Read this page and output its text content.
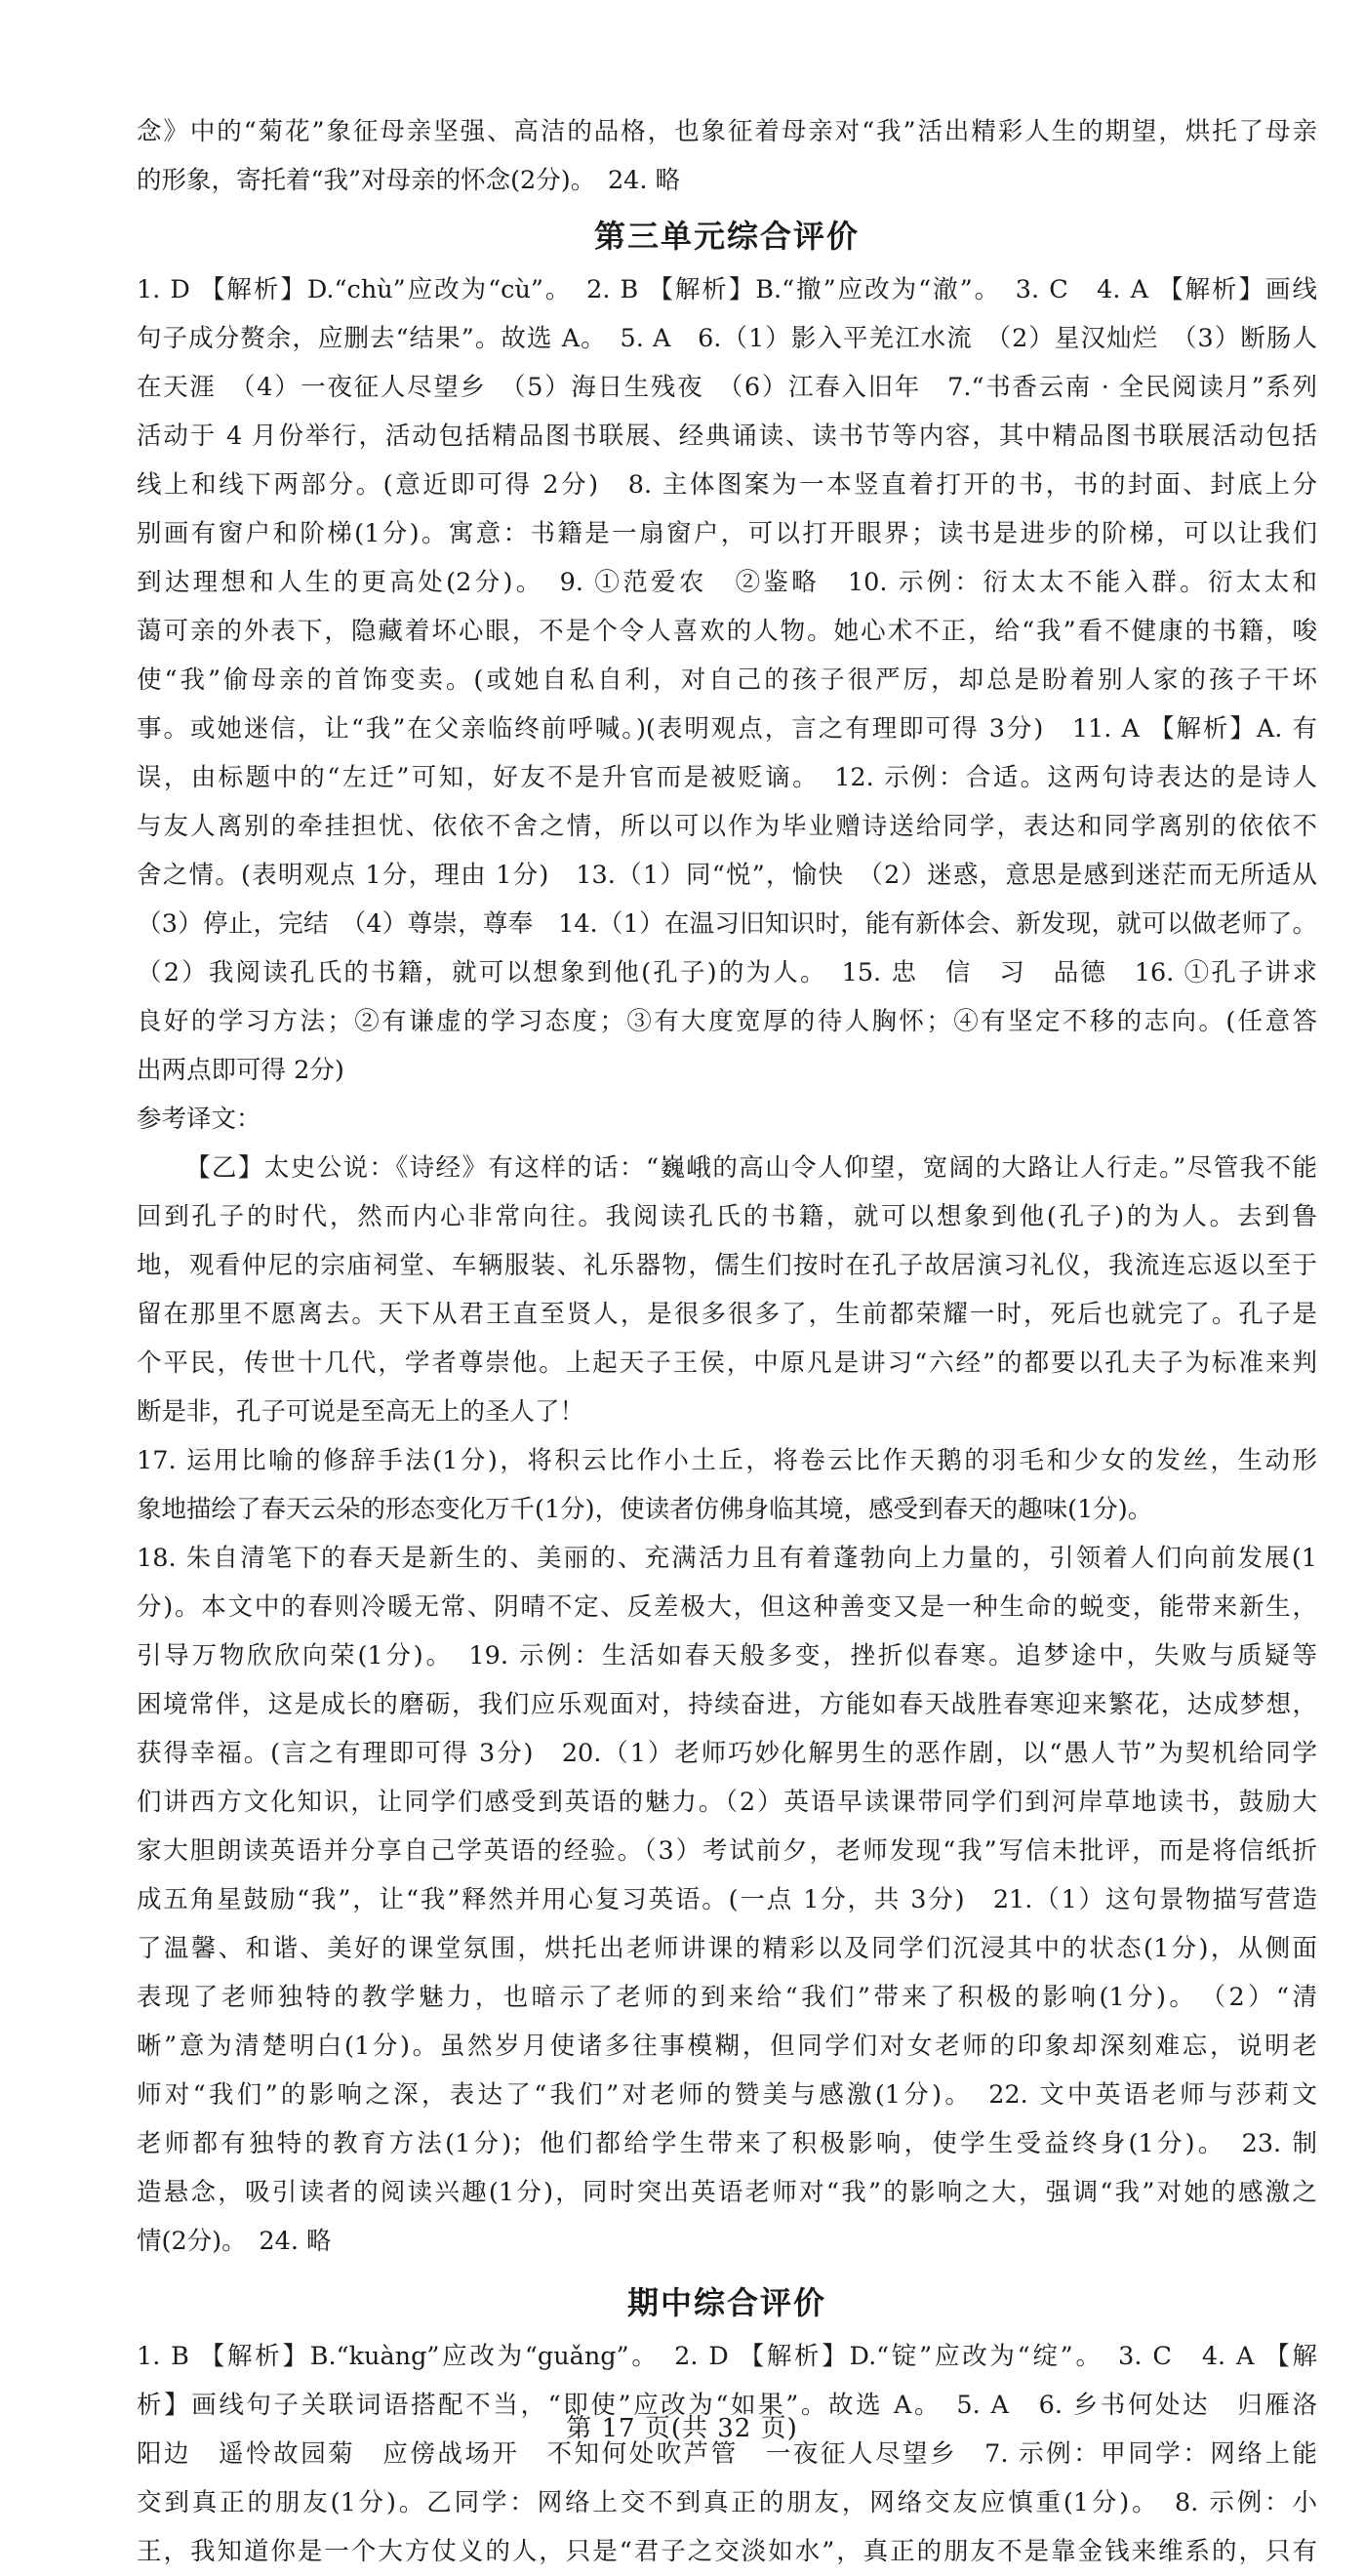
念》中的“菊花”象征母亲坚强、高洁的品格，也象征着母亲对“我”活出精彩人生的期望，烘托了母亲

的形象，寄托着“我”对母亲的怀念(2分)。　24. 略

第三单元综合评价

1. D 【解析】D.“chù”应改为“cù”。　2. B 【解析】B.“撤”应改为“澈”。　3. C　4. A 【解析】画线

句子成分赘余，应删去“结果”。故选 A。　5. A　6.（1）影入平羌江水流　（2）星汉灿烂　（3）断肠人

在天涯　（4）一夜征人尽望乡　（5）海日生残夜　（6）江春入旧年　7.“书香云南 · 全民阅读月”系列

活动于 4 月份举行，活动包括精品图书联展、经典诵读、读书节等内容，其中精品图书联展活动包括

线上和线下两部分。(意近即可得 2分)　8. 主体图案为一本竖直着打开的书，书的封面、封底上分

别画有窗户和阶梯(1分)。寓意：书籍是一扇窗户，可以打开眼界；读书是进步的阶梯，可以让我们

到达理想和人生的更高处(2分)。　9. ①范爱农　②鉴略　10. 示例：衍太太不能入群。衍太太和

蔼可亲的外表下，隐藏着坏心眼，不是个令人喜欢的人物。她心术不正，给“我”看不健康的书籍，唆

使“我”偷母亲的首饰变卖。(或她自私自利，对自己的孩子很严厉，却总是盼着别人家的孩子干坏

事。或她迷信，让“我”在父亲临终前呼喊。)(表明观点，言之有理即可得 3分)　11. A 【解析】A. 有

误，由标题中的“左迁”可知，好友不是升官而是被贬谪。　12. 示例：合适。这两句诗表达的是诗人

与友人离别的牵挂担忧、依依不舍之情，所以可以作为毕业赠诗送给同学，表达和同学离别的依依不

舍之情。(表明观点 1分，理由 1分)　13.（1）同“悦”，愉快　（2）迷惑，意思是感到迷茫而无所适从

（3）停止，完结　（4）尊崇，尊奉　14.（1）在温习旧知识时，能有新体会、新发现，就可以做老师了。

（2）我阅读孔氏的书籍，就可以想象到他(孔子)的为人。　15. 忠　信　习　品德　16. ①孔子讲求

良好的学习方法；②有谦虚的学习态度；③有大度宽厚的待人胸怀；④有坚定不移的志向。(任意答

出两点即可得 2分)

参考译文：

【乙】太史公说：《诗经》有这样的话：“巍峨的高山令人仰望，宽阔的大路让人行走。”尽管我不能

回到孔子的时代，然而内心非常向往。我阅读孔氏的书籍，就可以想象到他(孔子)的为人。去到鲁

地，观看仲尼的宗庙祠堂、车辆服装、礼乐器物，儒生们按时在孔子故居演习礼仪，我流连忘返以至于

留在那里不愿离去。天下从君王直至贤人，是很多很多了，生前都荣耀一时，死后也就完了。孔子是

个平民，传世十几代，学者尊崇他。上起天子王侯，中原凡是讲习“六经”的都要以孔夫子为标准来判

断是非，孔子可说是至高无上的圣人了！

17. 运用比喻的修辞手法(1分)，将积云比作小土丘，将卷云比作天鹅的羽毛和少女的发丝，生动形

象地描绘了春天云朵的形态变化万千(1分)，使读者仿佛身临其境，感受到春天的趣味(1分)。

18. 朱自清笔下的春天是新生的、美丽的、充满活力且有着蓬勃向上力量的，引领着人们向前发展(1

分)。本文中的春则冷暖无常、阴晴不定、反差极大，但这种善变又是一种生命的蜕变，能带来新生，

引导万物欣欣向荣(1分)。　19. 示例：生活如春天般多变，挫折似春寒。追梦途中，失败与质疑等

困境常伴，这是成长的磨砺，我们应乐观面对，持续奋进，方能如春天战胜春寒迎来繁花，达成梦想，

获得幸福。(言之有理即可得 3分)　20.（1）老师巧妙化解男生的恶作剧，以“愚人节”为契机给同学

们讲西方文化知识，让同学们感受到英语的魅力。（2）英语早读课带同学们到河岸草地读书，鼓励大

家大胆朗读英语并分享自己学英语的经验。（3）考试前夕，老师发现“我”写信未批评，而是将信纸折

成五角星鼓励“我”，让“我”释然并用心复习英语。(一点 1分，共 3分)　21.（1）这句景物描写营造

了温馨、和谐、美好的课堂氛围，烘托出老师讲课的精彩以及同学们沉浸其中的状态(1分)，从侧面

表现了老师独特的教学魅力，也暗示了老师的到来给“我们”带来了积极的影响(1分)。　（2）“清

晰”意为清楚明白(1分)。虽然岁月使诸多往事模糊，但同学们对女老师的印象却深刻难忘，说明老

师对“我们”的影响之深，表达了“我们”对老师的赞美与感激(1分)。　22. 文中英语老师与莎莉文

老师都有独特的教育方法(1分)；他们都给学生带来了积极影响，使学生受益终身(1分)。　23. 制

造悬念，吸引读者的阅读兴趣(1分)，同时突出英语老师对“我”的影响之大，强调“我”对她的感激之

情(2分)。　24. 略

期中综合评价

1. B 【解析】B.“kuàng”应改为“guǎng”。　2. D 【解析】D.“锭”应改为“绽”。　3. C　4. A 【解

析】画线句子关联词语搭配不当，“即使”应改为“如果”。故选 A。　5. A　6. 乡书何处达　归雁洛

阳边　遥怜故园菊　应傍战场开　不知何处吹芦管　一夜征人尽望乡　7. 示例：甲同学：网络上能

交到真正的朋友(1分)。乙同学：网络上交不到真正的朋友，网络交友应慎重(1分)。　8. 示例：小

王，我知道你是一个大方仗义的人，只是“君子之交淡如水”，真正的朋友不是靠金钱来维系的，只有

第 17 页(共 32 页)
